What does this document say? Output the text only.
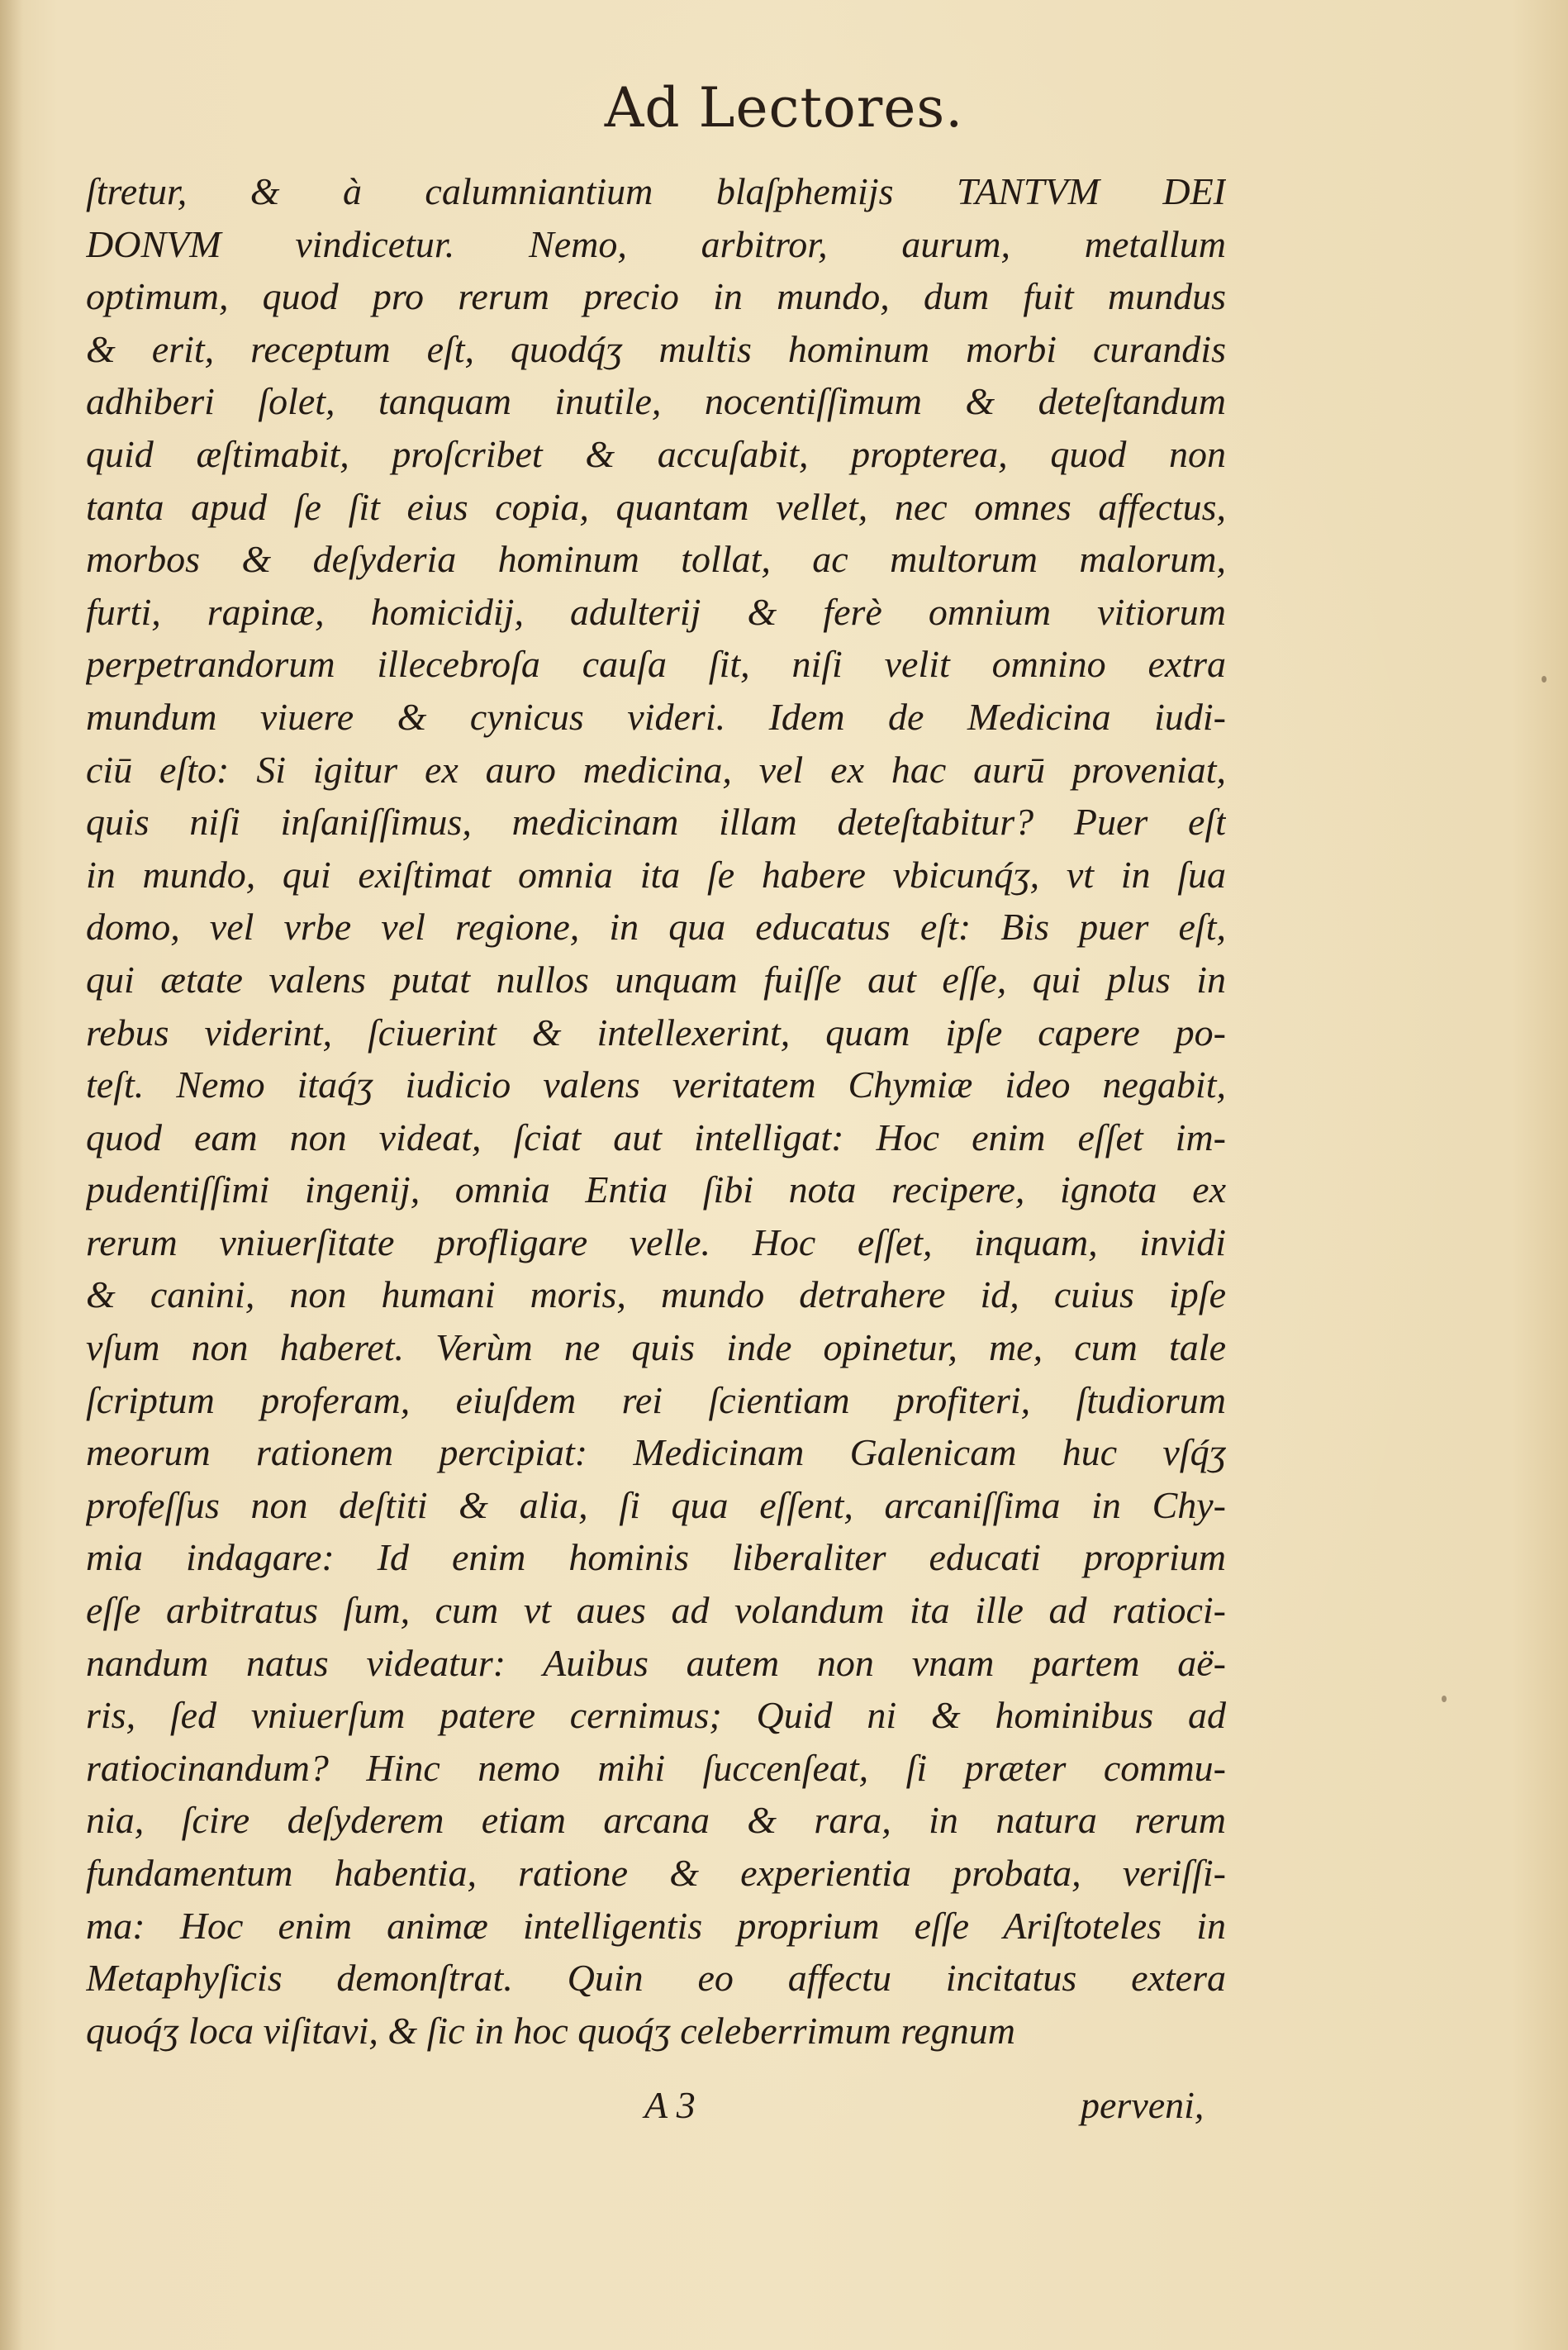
Ad Lectores.
ſtretur, & à calumniantium blaſphemijs TANTVM DEI
DONVM vindicetur. Nemo, arbitror, aurum, metallum
optimum, quod pro rerum precio in mundo, dum fuit mundus
& erit, receptum eſt, quodq́ʒ multis hominum morbi curandis
adhiberi ſolet, tanquam inutile, nocentiſſimum & deteſtandum
quid æſtimabit, proſcribet & accuſabit, propterea, quod non
tanta apud ſe ſit eius copia, quantam vellet, nec omnes affectus,
morbos & deſyderia hominum tollat, ac multorum malorum,
furti, rapinæ, homicidij, adulterij & ferè omnium vitiorum
perpetrandorum illecebroſa cauſa ſit, niſi velit omnino extra
mundum viuere & cynicus videri. Idem de Medicina iudi-
ciū eſto: Si igitur ex auro medicina, vel ex hac aurū proveniat,
quis niſi inſaniſſimus, medicinam illam deteſtabitur? Puer eſt
in mundo, qui exiſtimat omnia ita ſe habere vbicunq́ʒ, vt in ſua
domo, vel vrbe vel regione, in qua educatus eſt: Bis puer eſt,
qui ætate valens putat nullos unquam fuiſſe aut eſſe, qui plus in
rebus viderint, ſciuerint & intellexerint, quam ipſe capere po-
teſt. Nemo itaq́ʒ iudicio valens veritatem Chymiæ ideo negabit,
quod eam non videat, ſciat aut intelligat: Hoc enim eſſet im-
pudentiſſimi ingenij, omnia Entia ſibi nota recipere, ignota ex
rerum vniuerſitate profligare velle. Hoc eſſet, inquam, invidi
& canini, non humani moris, mundo detrahere id, cuius ipſe
vſum non haberet. Verùm ne quis inde opinetur, me, cum tale
ſcriptum proferam, eiuſdem rei ſcientiam profiteri, ſtudiorum
meorum rationem percipiat: Medicinam Galenicam huc vſq́ʒ
profeſſus non deſtiti & alia, ſi qua eſſent, arcaniſſima in Chy-
mia indagare: Id enim hominis liberaliter educati proprium
eſſe arbitratus ſum, cum vt aues ad volandum ita ille ad ratioci-
nandum natus videatur: Auibus autem non vnam partem aë-
ris, ſed vniuerſum patere cernimus; Quid ni & hominibus ad
ratiocinandum? Hinc nemo mihi ſuccenſeat, ſi præter commu-
nia, ſcire deſyderem etiam arcana & rara, in natura rerum
fundamentum habentia, ratione & experientia probata, veriſſi-
ma: Hoc enim animæ intelligentis proprium eſſe Ariſtoteles in
Metaphyſicis demonſtrat. Quin eo affectu incitatus extera
quoq́ʒ loca viſitavi, & ſic in hoc quoq́ʒ celeberrimum regnum
A 3	perveni,
